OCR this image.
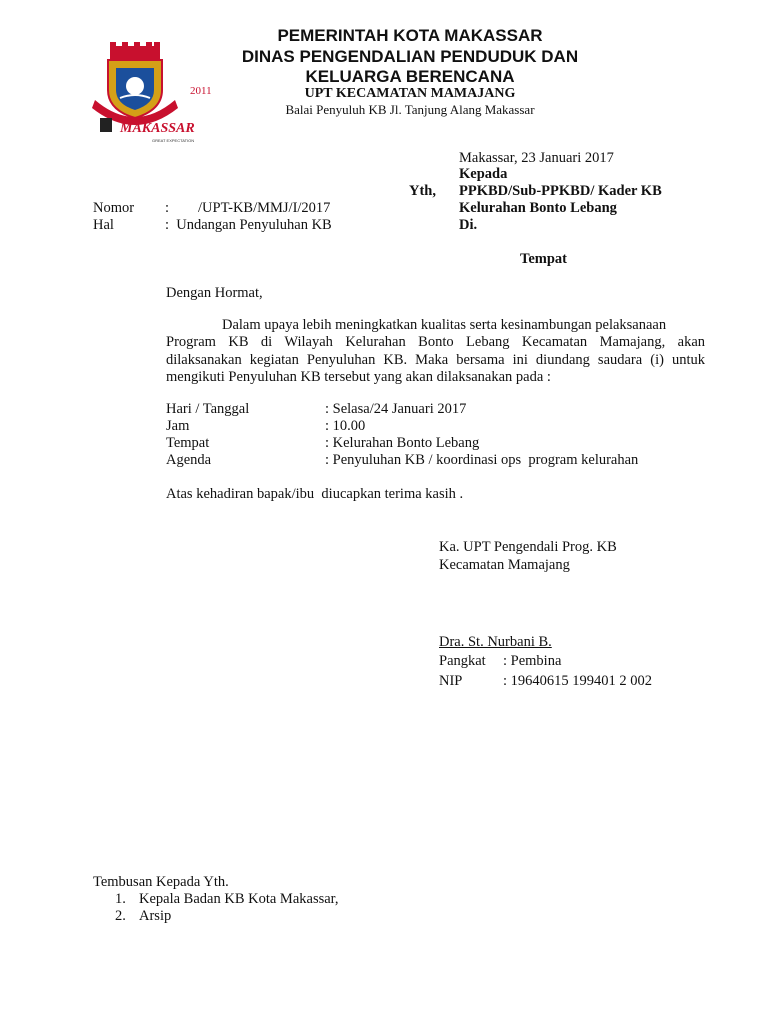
2011
MAKASSAR
GREAT EXPECTATION
PEMERINTAH KOTA MAKASSAR
DINAS PENGENDALIAN PENDUDUK DAN
KELUARGA BERENCANA
UPT KECAMATAN MAMAJANG
Balai Penyuluh KB Jl. Tanjung Alang Makassar
Makassar, 23 Januari 2017
Kepada
Yth, PPKBD/Sub-PPKBD/ Kader KB
Kelurahan Bonto Lebang
Di.
Tempat
Nomor :        /UPT-KB/MMJ/I/2017
Hal	:  Undangan Penyuluhan KB
Dengan Hormat,
Dalam upaya lebih meningkatkan kualitas serta kesinambungan pelaksanaan
Program KB di Wilayah Kelurahan Bonto Lebang Kecamatan Mamajang, akan
dilaksanakan kegiatan Penyuluhan KB. Maka bersama ini diundang saudara (i) untuk
mengikuti Penyuluhan KB tersebut yang akan dilaksanakan pada :
Hari / Tanggal	: Selasa/24 Januari 2017
Jam	: 10.00
Tempat	: Kelurahan Bonto Lebang
Agenda	: Penyuluhan KB / koordinasi ops  program kelurahan
Atas kehadiran bapak/ibu  diucapkan terima kasih .
Ka. UPT Pengendali Prog. KB
Kecamatan Mamajang
Dra. St. Nurbani B.
Pangkat : Pembina
NIP	: 19640615 199401 2 002
Tembusan Kepada Yth.
1. Kepala Badan KB Kota Makassar,
2. Arsip
